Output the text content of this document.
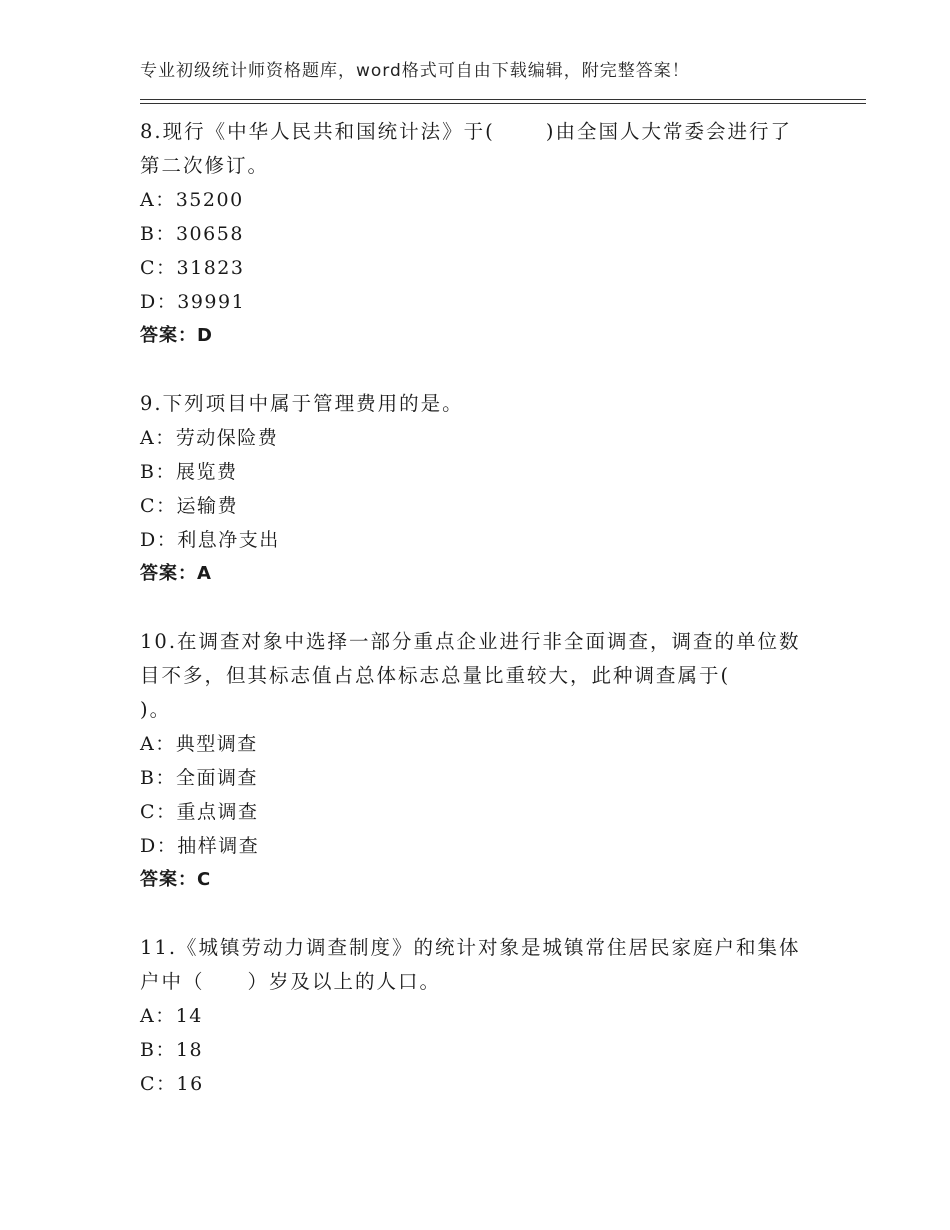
专业初级统计师资格题库，word格式可自由下载编辑，附完整答案！

8.现行《中华人民共和国统计法》于(　　 )由全国人大常委会进行了

第二次修订。

A：35200

B：30658

C：31823

D：39991

答案：D

9.下列项目中属于管理费用的是。

A：劳动保险费

B：展览费

C：运输费

D：利息净支出

答案：A

10.在调查对象中选择一部分重点企业进行非全面调查，调查的单位数

目不多，但其标志值占总体标志总量比重较大，此种调查属于(

)。

A：典型调查

B：全面调查

C：重点调查

D：抽样调查

答案：C

11.《城镇劳动力调查制度》的统计对象是城镇常住居民家庭户和集体

户中（　　）岁及以上的人口。

A：14

B：18

C：16
